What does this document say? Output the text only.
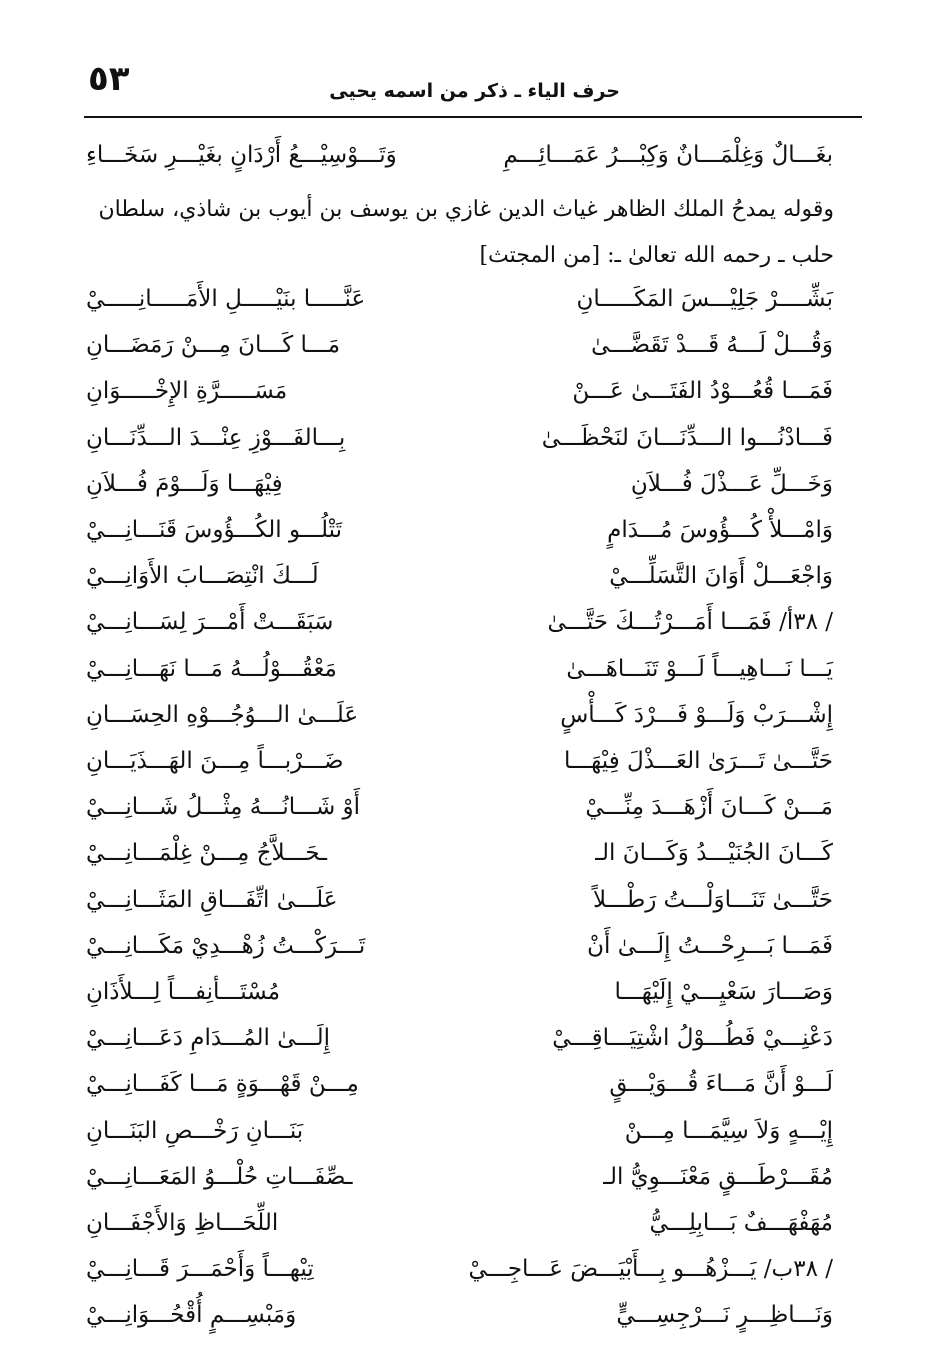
٥٣	حرف الياء ـ ذكر من اسمه يحيى
بغَـــالٌ وَغِلْمَـــانٌ وَكِبْـــرُ عَمَـــائِـــمِ
وَتَـــوْسِيْـــعُ أَرْدَانٍ بغَيْـــرِ سَخَـــاءِ
وقوله يمدحُ الملك الظاهر غياث الدين غازي بن يوسف بن أيوب بن شاذي، سلطان
حلب ـ رحمه الله تعالىٰ ـ: [من المجتث]
بَشِّــــرْ جَلِيْـــسَ المَكَـــــانِ
عَنَّـــــا بنَيْـــــلِ الأَمَـــــانِـــــيْ
وَقُـــلْ لَـــهُ قَـــدْ تَقَضَّـــىٰ
مَـــا كَـــانَ مِـــنْ رَمَضَـــانِ
فَمَـــا قُعُـــوْدُ الفَتَـــىٰ عَـــنْ
مَسَـــــرَّةِ الإِخْـــــوَانِ
فَـــادْنُـــوا الـــدِّنَـــانَ لنَحْظَـــىٰ
بِـــالفَـــوْزِ عِنْـــدَ الـــدِّنَـــانِ
وَخَـــلِّ عَـــذْلَ فُـــلاَنِ
فِيْهَـــا وَلَـــوْمَ فُـــلاَنِ
وَامْـــلأْ كُـــؤُوسَ مُـــدَامٍ
تَتْلُـــو الكُـــؤُوسَ قَنَـــانِـــيْ
وَاجْعَـــلْ أَوَانَ التَّسَلِّـــيْ
لَـــكَ انْتِصَـــابَ الأَوَانِـــيْ
/ ٣٨أ/ فَمَـــا أَمَـــرْتُـــكَ حَتَّـــىٰ
سَبَقَـــتْ أَمْـــرَ لِسَـــانِـــيْ
يَـــا نَـــاهِيـــاً لَـــوْ تَنَـــاهَـــىٰ
مَعْقُـــوْلُـــهُ مَـــا نَهَـــانِـــيْ
إِشْـــرَبْ وَلَـــوْ فَـــرْدَ كَـــأْسٍ
عَلَـــىٰ الـــوُجُـــوْهِ الحِسَـــانِ
حَتَّـــىٰ تَـــرَىٰ العَـــذْلَ فِيْهَـــا
ضَـــرْبـــاً مِـــنَ الهَـــذَيَـــانِ
مَـــنْ كَـــانَ أَزْهَـــدَ مِنِّـــيْ
أَوْ شَـــانُـــهُ مِثْـــلُ شَـــانِـــيْ
كَـــانَ الجُنَيْـــدُ وَكَـــانَ الـ
ـحَـــلاَّجُ مِـــنْ غِلْمَـــانِـــيْ
حَتَّـــىٰ تَنَـــاوَلْـــتُ رَطْـــلاً
عَلَـــىٰ اتِّفَـــاقِ المَثَـــانِـــيْ
فَمَـــا بَـــرِحْـــتُ إِلَـــىٰ أَنْ
تَـــرَكْـــتُ زُهْـــدِيْ مَكَـــانِـــيْ
وَصَـــارَ سَعْيِـــيْ إِلَيْهَـــا
مُسْتَـــأنِفـــاً لِـــلأَذَانِ
دَعْنِـــيْ فَطُـــوْلُ اشْتِيَـــاقِـــيْ
إِلَـــىٰ المُـــدَامِ دَعَـــانِـــيْ
لَـــوْ أَنَّ مَـــاءَ قُـــوَيْـــقٍ
مِـــنْ قَهْـــوَةٍ مَـــا كَفَـــانِـــيْ
إِيْـــهٍ وَلاَ سِيَّمَـــا مِـــنْ
بَنَـــانِ رَخْـــصِ البَنَـــانِ
مُقَـــرْطَـــقٍ مَعْنَـــوِيُّ الـ
ـصِّفَـــاتِ حُلْـــوُ المَعَـــانِـــيْ
مُهَفْهَـــفٌ بَـــابِلِـــيُّ
اللِّحَـــاظِ وَالأَجْفَـــانِ
/ ٣٨ب/ يَـــزْهُـــو بِـــأَبْيَـــضَ عَـــاجِـــيْ
تِيْهـــاً وَأَحْمَـــرَ قَـــانِـــيْ
وَنَـــاظِـــرٍ نَـــرْجِسِـــيٍّ
وَمَبْسِـــمٍ أُقْحُـــوَانِـــيْ
